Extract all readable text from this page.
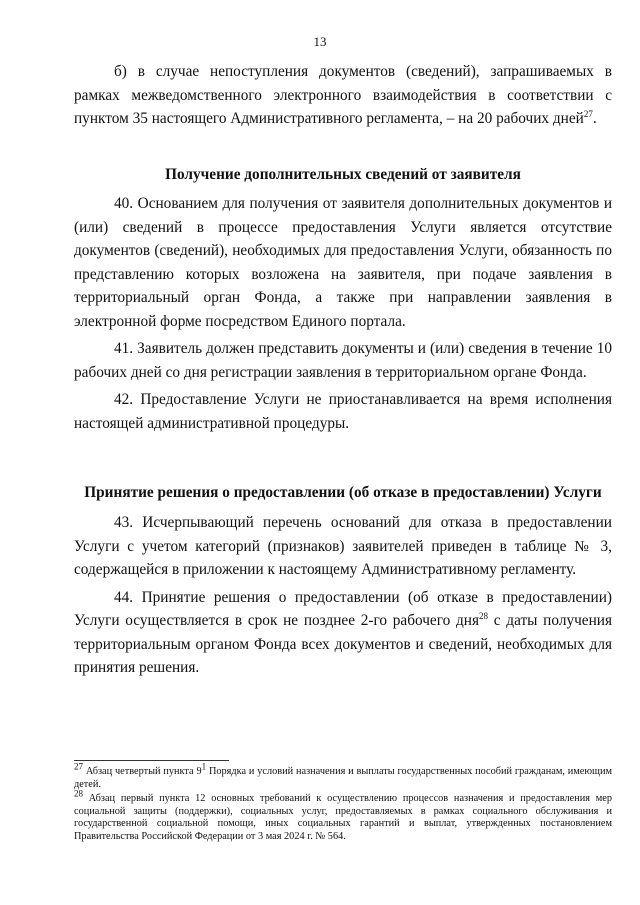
13

б) в случае непоступления документов (сведений), запрашиваемых в рамках межведомственного электронного взаимодействия в соответствии с пунктом 35 настоящего Административного регламента, – на 20 рабочих дней$^{27}$.

Получение дополнительных сведений от заявителя

40. Основанием для получения от заявителя дополнительных документов и (или) сведений в процессе предоставления Услуги является отсутствие документов (сведений), необходимых для предоставления Услуги, обязанность по представлению которых возложена на заявителя, при подаче заявления в территориальный орган Фонда, а также при направлении заявления в электронной форме посредством Единого портала.

41. Заявитель должен представить документы и (или) сведения в течение 10 рабочих дней со дня регистрации заявления в территориальном органе Фонда.

42. Предоставление Услуги не приостанавливается на время исполнения настоящей административной процедуры.

Принятие решения о предоставлении (об отказе в предоставлении) Услуги

43. Исчерпывающий перечень оснований для отказа в предоставлении Услуги с учетом категорий (признаков) заявителей приведен в таблице № 3, содержащейся в приложении к настоящему Административному регламенту.

44. Принятие решения о предоставлении (об отказе в предоставлении) Услуги осуществляется в срок не позднее 2-го рабочего дня$^{28}$ с даты получения территориальным органом Фонда всех документов и сведений, необходимых для принятия решения.

$^{27}$ Абзац четвертый пункта $9^1$ Порядка и условий назначения и выплаты государственных пособий гражданам, имеющим детей.

$^{28}$ Абзац первый пункта 12 основных требований к осуществлению процессов назначения и предоставления мер социальной защиты (поддержки), социальных услуг, предоставляемых в рамках социального обслуживания и государственной социальной помощи, иных социальных гарантий и выплат, утвержденных постановлением Правительства Российской Федерации от 3 мая 2024 г. № 564.
